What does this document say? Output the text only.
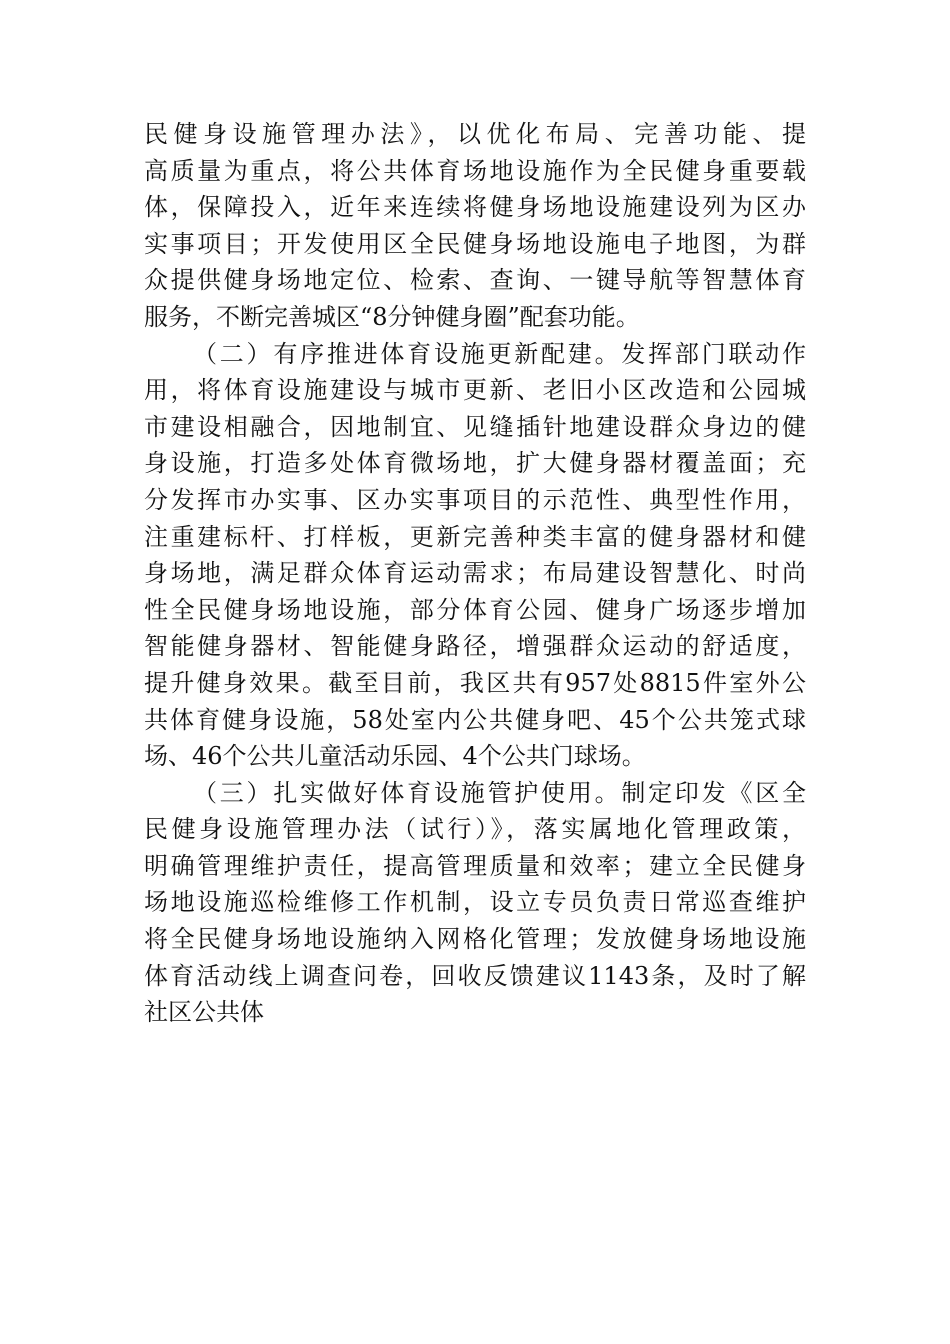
民健身设施管理办法》，以优化布局、完善功能、提
高质量为重点，将公共体育场地设施作为全民健身重要载
体，保障投入，近年来连续将健身场地设施建设列为区办
实事项目；开发使用区全民健身场地设施电子地图，为群
众提供健身场地定位、检索、查询、一键导航等智慧体育
服务，不断完善城区“8分钟健身圈”配套功能。
（二）有序推进体育设施更新配建。发挥部门联动作
用，将体育设施建设与城市更新、老旧小区改造和公园城
市建设相融合，因地制宜、见缝插针地建设群众身边的健
身设施，打造多处体育微场地，扩大健身器材覆盖面；充
分发挥市办实事、区办实事项目的示范性、典型性作用，
注重建标杆、打样板，更新完善种类丰富的健身器材和健
身场地，满足群众体育运动需求；布局建设智慧化、时尚
性全民健身场地设施，部分体育公园、健身广场逐步增加
智能健身器材、智能健身路径，增强群众运动的舒适度，
提升健身效果。截至目前，我区共有957处8815件室外公
共体育健身设施，58处室内公共健身吧、45个公共笼式球
场、46个公共儿童活动乐园、4个公共门球场。
（三）扎实做好体育设施管护使用。制定印发《区全
民健身设施管理办法（试行）》，落实属地化管理政策，
明确管理维护责任，提高管理质量和效率；建立全民健身
场地设施巡检维修工作机制，设立专员负责日常巡查维护
将全民健身场地设施纳入网格化管理；发放健身场地设施
体育活动线上调查问卷，回收反馈建议1143条，及时了解
社区公共体
